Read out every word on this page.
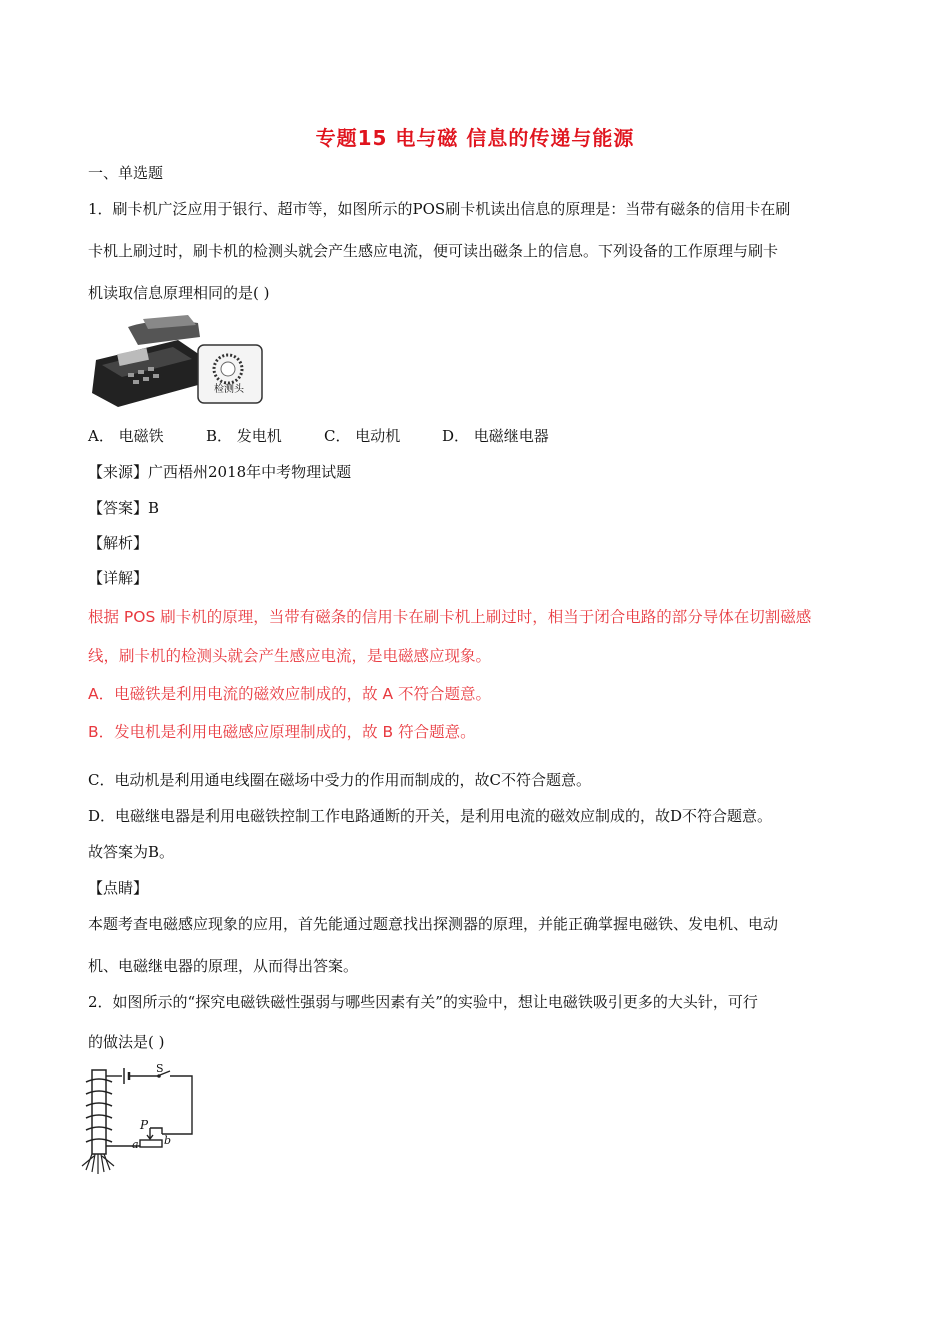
专题15 电与磁 信息的传递与能源
一、单选题
1．刷卡机广泛应用于银行、超市等，如图所示的POS刷卡机读出信息的原理是：当带有磁条的信用卡在刷
卡机上刷过时，刷卡机的检测头就会产生感应电流，便可读出磁条上的信息。下列设备的工作原理与刷卡
机读取信息原理相同的是( )
检测头
A． 电磁铁	B． 发电机	C． 电动机	D． 电磁继电器
【来源】广西梧州2018年中考物理试题
【答案】B
【解析】
【详解】
根据 POS 刷卡机的原理，当带有磁条的信用卡在刷卡机上刷过时，相当于闭合电路的部分导体在切割磁感
线，刷卡机的检测头就会产生感应电流，是电磁感应现象。
A．电磁铁是利用电流的磁效应制成的，故 A 不符合题意。
B．发电机是利用电磁感应原理制成的，故 B 符合题意。
C．电动机是利用通电线圈在磁场中受力的作用而制成的，故C不符合题意。
D．电磁继电器是利用电磁铁控制工作电路通断的开关，是利用电流的磁效应制成的，故D不符合题意。
故答案为B。
【点睛】
本题考查电磁感应现象的应用，首先能通过题意找出探测器的原理，并能正确掌握电磁铁、发电机、电动
机、电磁继电器的原理，从而得出答案。
2．如图所示的“探究电磁铁磁性强弱与哪些因素有关”的实验中，想让电磁铁吸引更多的大头针，可行
的做法是( )
S
P
a b
